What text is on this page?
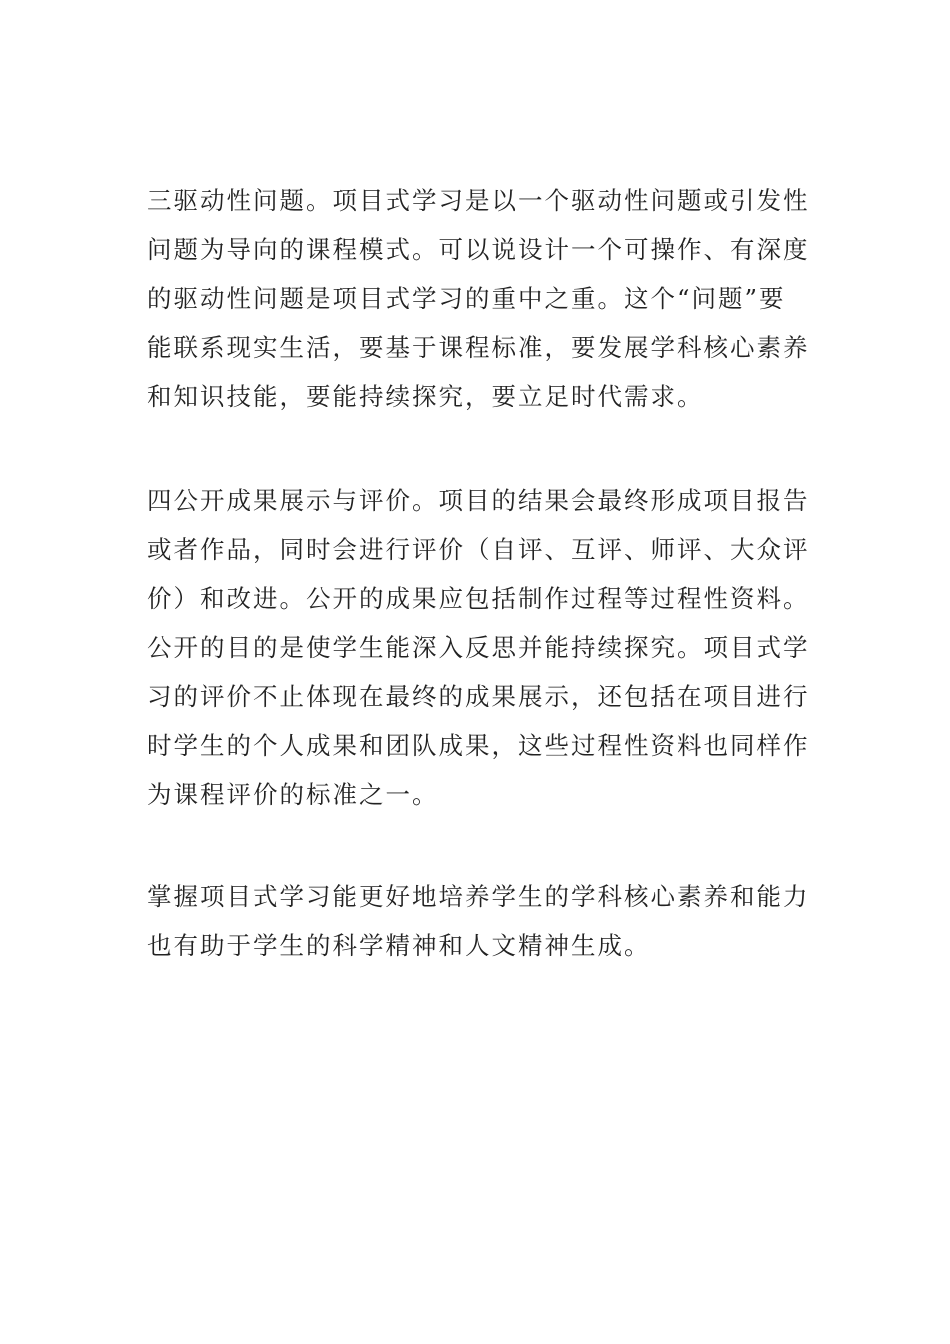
三驱动性问题。项目式学习是以一个驱动性问题或引发性
问题为导向的课程模式。可以说设计一个可操作、有深度
的驱动性问题是项目式学习的重中之重。这个“问题”要
能联系现实生活，要基于课程标准，要发展学科核心素养
和知识技能，要能持续探究，要立足时代需求。

四公开成果展示与评价。项目的结果会最终形成项目报告
或者作品，同时会进行评价（自评、互评、师评、大众评
价）和改进。公开的成果应包括制作过程等过程性资料。
公开的目的是使学生能深入反思并能持续探究。项目式学
习的评价不止体现在最终的成果展示，还包括在项目进行
时学生的个人成果和团队成果，这些过程性资料也同样作
为课程评价的标准之一。

掌握项目式学习能更好地培养学生的学科核心素养和能力
也有助于学生的科学精神和人文精神生成。
